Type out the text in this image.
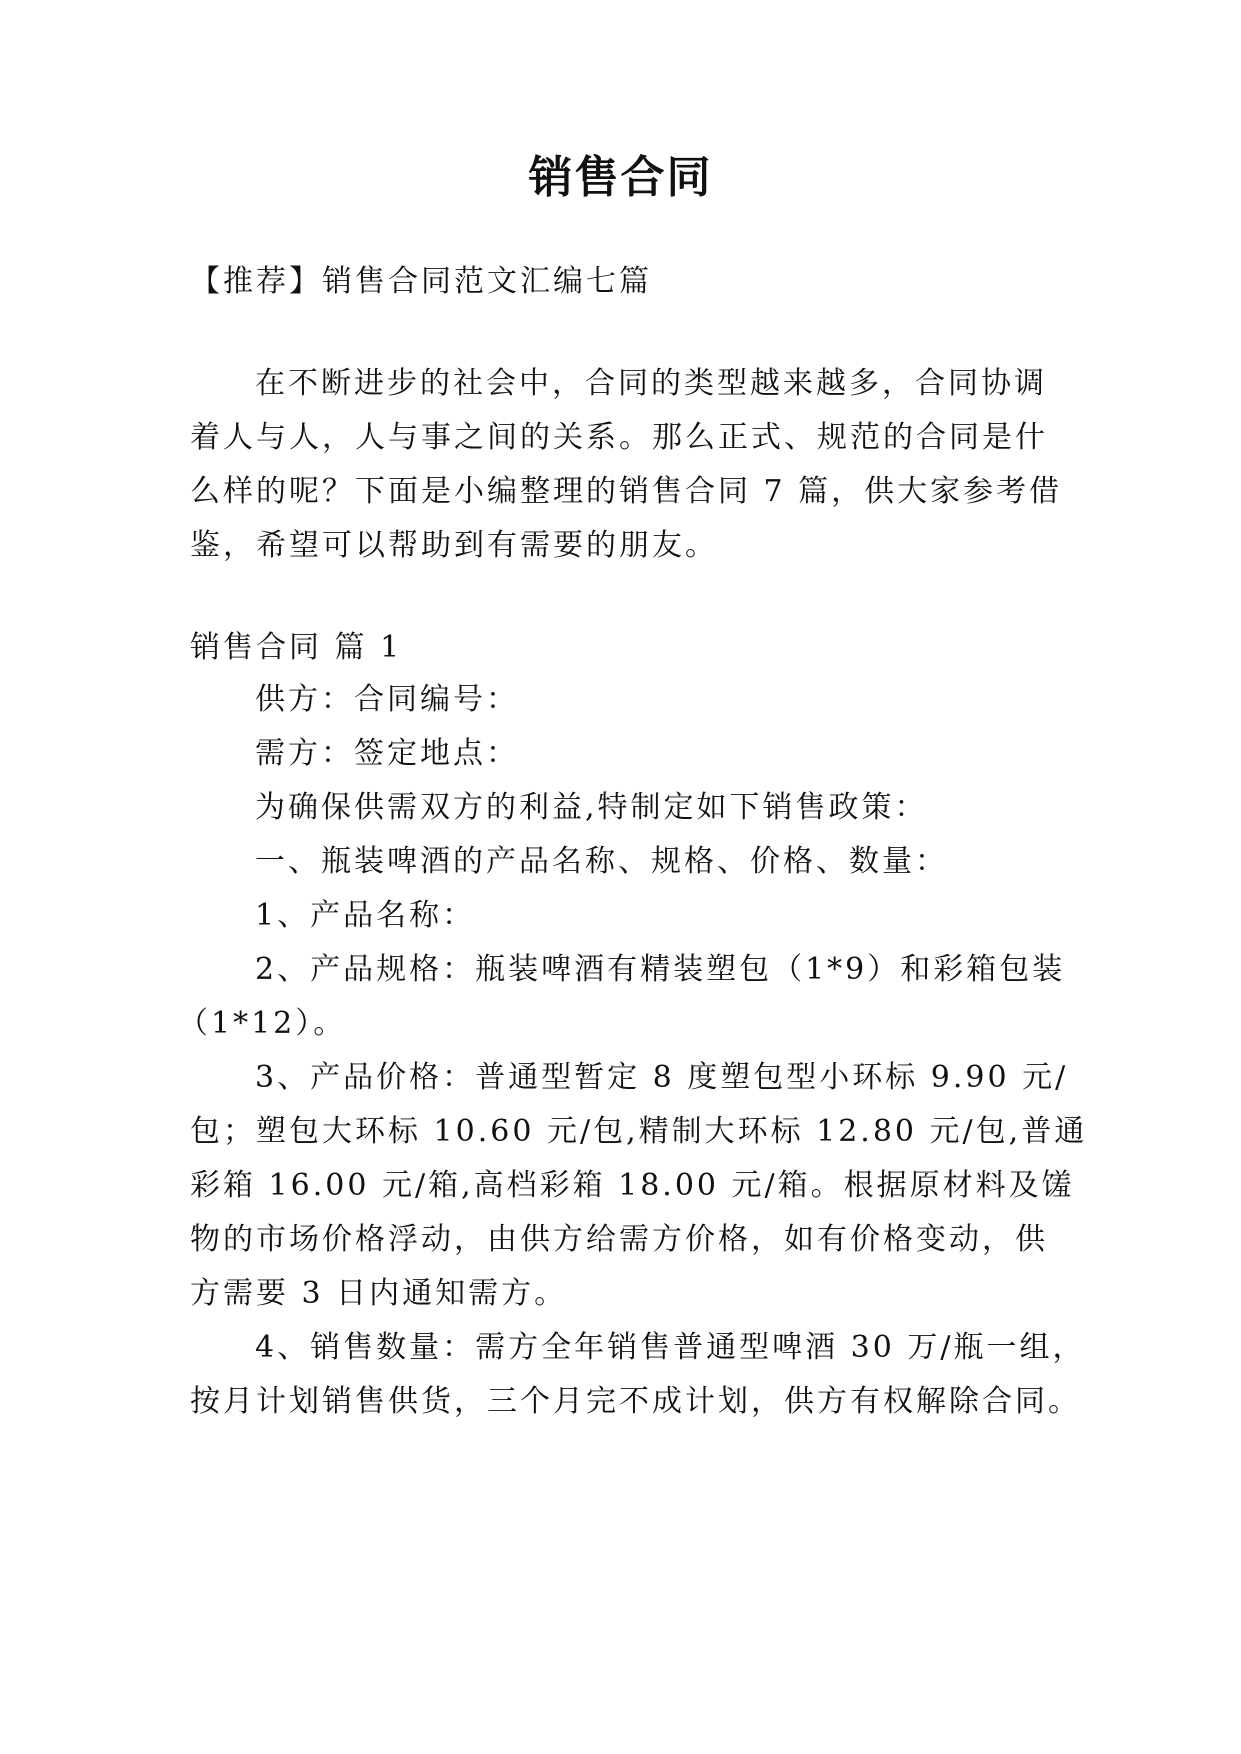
销售合同
【推荐】销售合同范文汇编七篇
在不断进步的社会中，合同的类型越来越多，合同协调
着人与人，人与事之间的关系。那么正式、规范的合同是什
么样的呢？下面是小编整理的销售合同 7 篇，供大家参考借
鉴，希望可以帮助到有需要的朋友。
销售合同 篇 1
供方：合同编号：
需方：签定地点：
为确保供需双方的利益,特制定如下销售政策：
一、瓶装啤酒的产品名称、规格、价格、数量：
1、产品名称：
2、产品规格：瓶装啤酒有精装塑包（1*9）和彩箱包装
（1*12）。
3、产品价格：普通型暂定 8 度塑包型小环标 9.90 元/
包；塑包大环标 10.60 元/包,精制大环标 12.80 元/包,普通
彩箱 16.00 元/箱,高档彩箱 18.00 元/箱。根据原材料及馐
物的市场价格浮动，由供方给需方价格，如有价格变动，供
方需要 3 日内通知需方。
4、销售数量：需方全年销售普通型啤酒 30 万/瓶一组，
按月计划销售供货，三个月完不成计划，供方有权解除合同。
